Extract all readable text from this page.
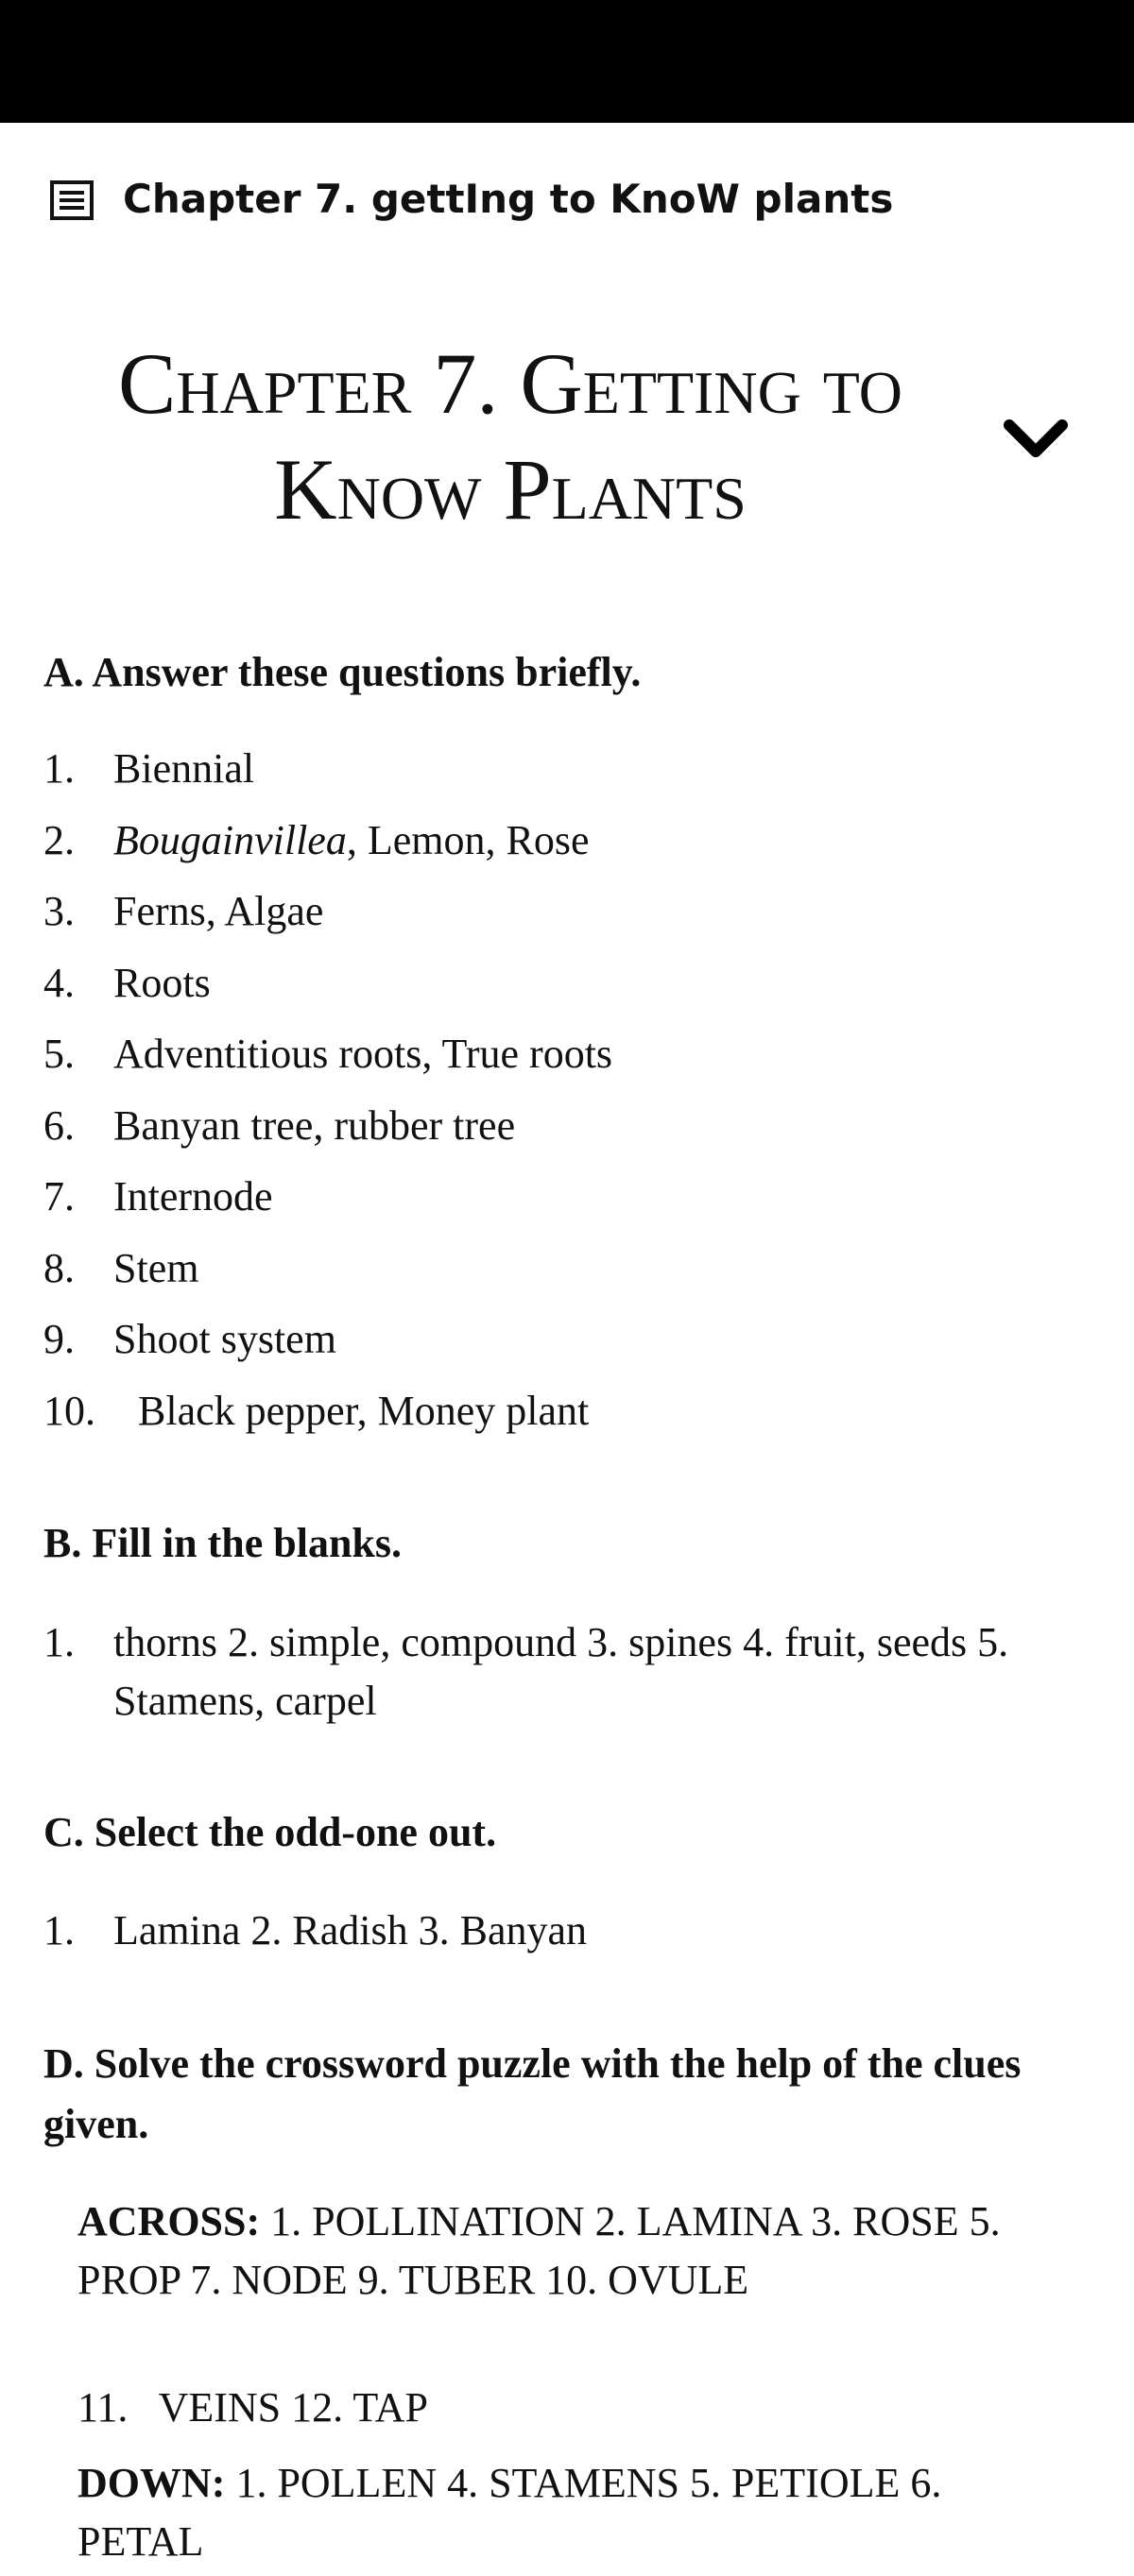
Chapter 7. gettIng to KnoW plants
Chapter 7. Getting to
Know Plants
A. Answer these questions briefly.
1. Biennial
2. Bougainvillea , Lemon, Rose
3. Ferns, Algae
4. Roots
5. Adventitious roots, True roots
6. Banyan tree, rubber tree
7. Internode
8. Stem
9. Shoot system
10.	Black pepper, Money plant
B. Fill in the blanks.
1. thorns 2. simple, compound 3. spines 4. fruit, seeds 5. Stamens, carpel
C. Select the odd-one out.
1. Lamina 2. Radish 3. Banyan
D. Solve the crossword puzzle with the help of the clues given.
ACROSS: 1. POLLINATION 2. LAMINA 3. ROSE 5. PROP 7. NODE 9. TUBER 10. OVULE
11.   VEINS 12. TAP
DOWN: 1. POLLEN 4. STAMENS 5. PETIOLE 6. PETAL
